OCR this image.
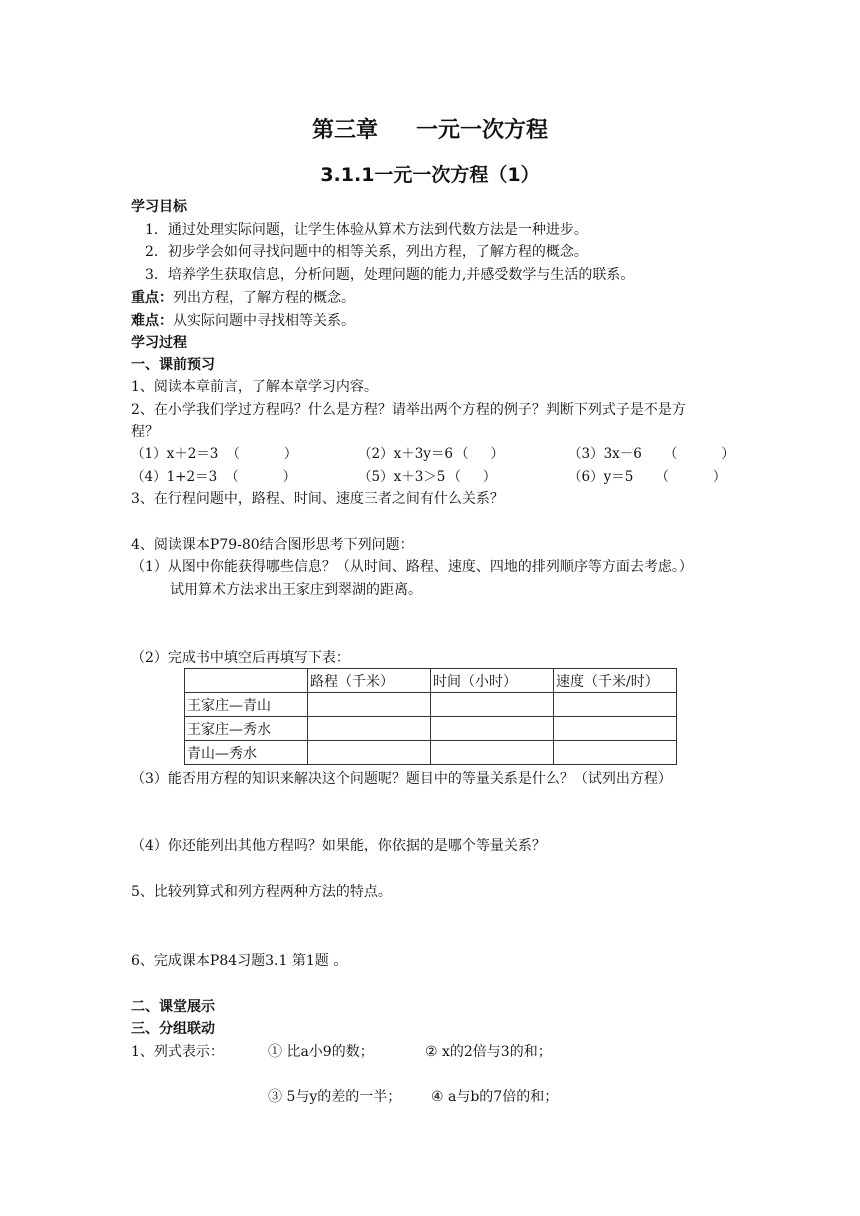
第三章 一元一次方程
3.1.1一元一次方程（1）
学习目标
1．通过处理实际问题，让学生体验从算术方法到代数方法是一种进步。
2．初步学会如何寻找问题中的相等关系，列出方程，了解方程的概念。
3．培养学生获取信息，分析问题，处理问题的能力,并感受数学与生活的联系。
重点：列出方程，了解方程的概念。
难点：从实际问题中寻找相等关系。
学习过程
一、课前预习
1、阅读本章前言，了解本章学习内容。
2、在小学我们学过方程吗？什么是方程？请举出两个方程的例子？判断下列式子是不是方
程？
（1）x＋2＝3 （	）	（2）x＋3y＝6 （ ）	（3）3x－6 （	）
（4）1+2＝3 （	）	（5）x＋3＞5 （ ）	（6）y＝5 （	）
3、在行程问题中，路程、时间、速度三者之间有什么关系？
4、阅读课本P79-80结合图形思考下列问题：
（1）从图中你能获得哪些信息？（从时间、路程、速度、四地的排列顺序等方面去考虑。）
试用算术方法求出王家庄到翠湖的距离。
（2）完成书中填空后再填写下表：
	路程（千米）	时间（小时）	速度（千米/时）
王家庄—青山			
王家庄—秀水			
青山—秀水			
（3）能否用方程的知识来解决这个问题呢？题目中的等量关系是什么？（试列出方程）
（4）你还能列出其他方程吗？如果能，你依据的是哪个等量关系？
5、比较列算式和列方程两种方法的特点。
6、完成课本P84习题3.1 第1题 。
二、课堂展示
三、分组联动
1、列式表示：	① 比a小9的数；	② x的2倍与3的和；
③ 5与y的差的一半； ④ a与b的7倍的和；
